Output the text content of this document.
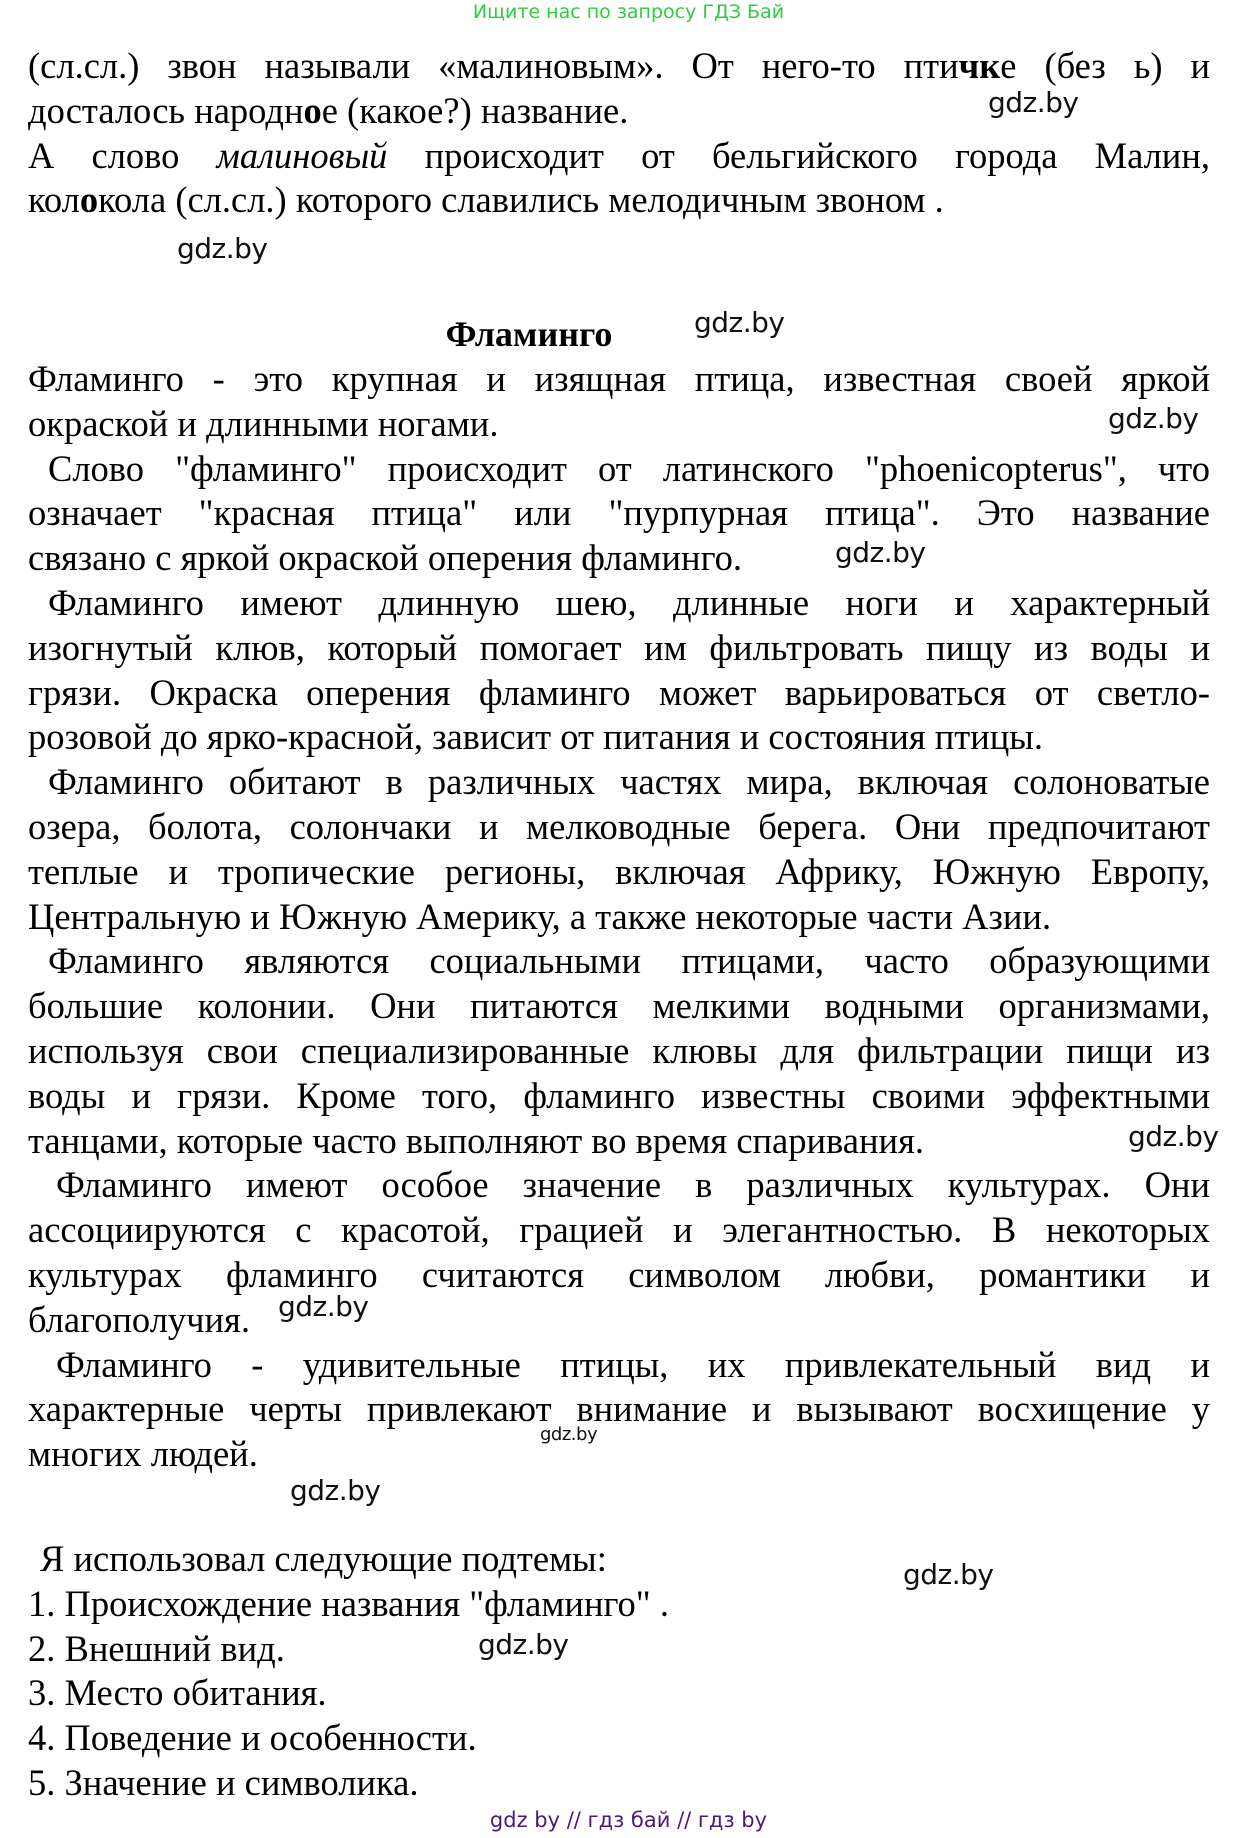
Ищите нас по запросу ГДЗ Бай
(сл.сл.) звон называли «малиновым». От него-то птичке (без ь) и
досталось народное (какое?) название.
А слово малиновый происходит от бельгийского города Малин,
колокола (сл.сл.) которого славились мелодичным звоном .
Фламинго
Фламинго - это крупная и изящная птица, известная своей яркой
окраской и длинными ногами.
Слово "фламинго" происходит от латинского "phoenicopterus", что
означает "красная птица" или "пурпурная птица". Это название
связано с яркой окраской оперения фламинго.
Фламинго имеют длинную шею, длинные ноги и характерный
изогнутый клюв, который помогает им фильтровать пищу из воды и
грязи. Окраска оперения фламинго может варьироваться от светло-
розовой до ярко-красной, зависит от питания и состояния птицы.
Фламинго обитают в различных частях мира, включая солоноватые
озера, болота, солончаки и мелководные берега. Они предпочитают
теплые и тропические регионы, включая Африку, Южную Европу,
Центральную и Южную Америку, а также некоторые части Азии.
Фламинго являются социальными птицами, часто образующими
большие колонии. Они питаются мелкими водными организмами,
используя свои специализированные клювы для фильтрации пищи из
воды и грязи. Кроме того, фламинго известны своими эффектными
танцами, которые часто выполняют во время спаривания.
Фламинго имеют особое значение в различных культурах. Они
ассоциируются с красотой, грацией и элегантностью. В некоторых
культурах фламинго считаются символом любви, романтики и
благополучия.
Фламинго - удивительные птицы, их привлекательный вид и
характерные черты привлекают внимание и вызывают восхищение у
многих людей.
Я использовал следующие подтемы:
1. Происхождение названия "фламинго" .
2. Внешний вид.
3. Место обитания.
4. Поведение и особенности.
5. Значение и символика.
gdz.by
gdz.by
gdz.by
gdz.by
gdz.by
gdz.by
gdz.by
gdz.by
gdz.by
gdz.by
gdz.by
gdz by // гдз бай // гдз by
